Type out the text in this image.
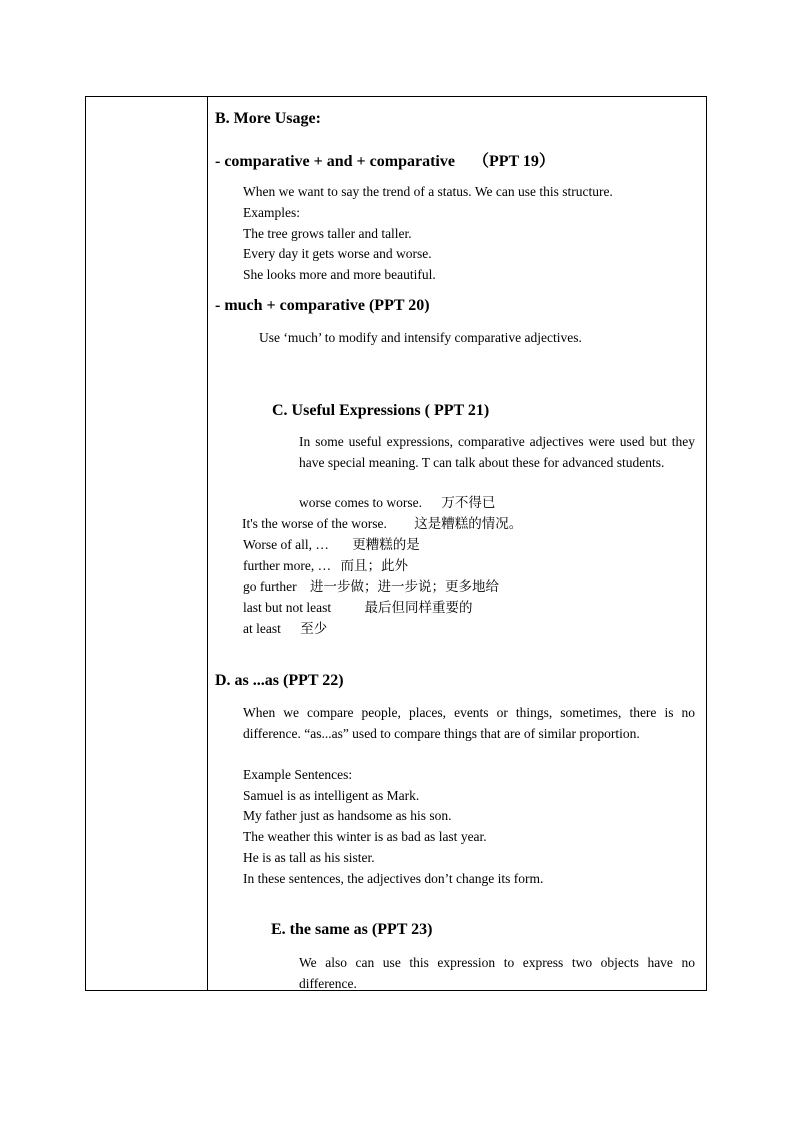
B. More Usage:
- comparative + and + comparative （PPT 19）
When we want to say the trend of a status. We can use this structure.
Examples:
The tree grows taller and taller.
Every day it gets worse and worse.
She looks more and more beautiful.
- much + comparative (PPT 20)
Use ‘much’ to modify and intensify comparative adjectives.
C. Useful Expressions ( PPT 21)
In some useful expressions, comparative adjectives were used but they have special meaning. T can talk about these for advanced students.
worse comes to worse. 万不得已
It's the worse of the worse. 这是糟糕的情况。
Worse of all, … 更糟糕的是
further more, … 而且；此外
go further 进一步做；进一步说；更多地给
last but not least 最后但同样重要的
at least 至少
D. as ...as (PPT 22)
When we compare people, places, events or things, sometimes, there is no difference. “as...as” used to compare things that are of similar proportion.
Example Sentences:
Samuel is as intelligent as Mark.
My father just as handsome as his son.
The weather this winter is as bad as last year.
He is as tall as his sister.
In these sentences, the adjectives don’t change its form.
E. the same as (PPT 23)
We also can use this expression to express two objects have no difference.
